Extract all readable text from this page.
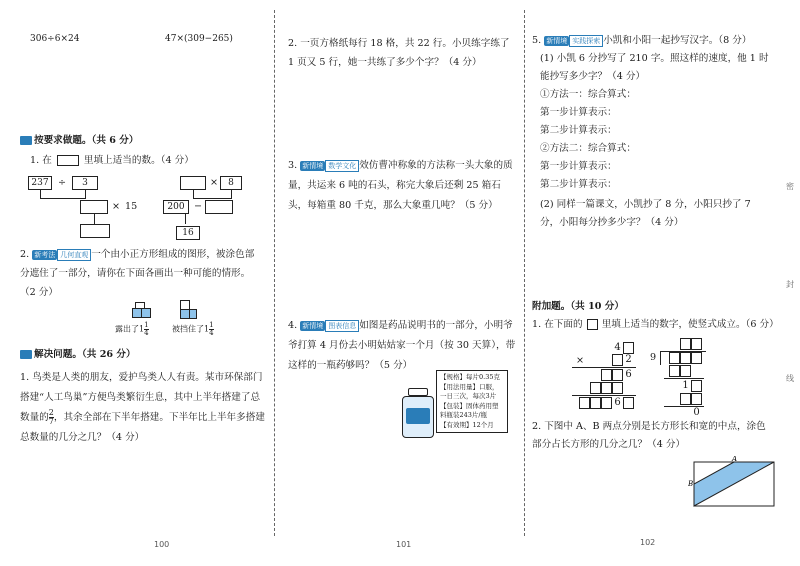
密
封
线
306÷6×24	47×(309−265)
按要求做题。（共 6 分）
1. 在	里填上适当的数。（4 分）
237 ÷	3
× 15
×	8
200 −
16
2. 新考法 几何直观 一个由小正方形组成的图形，被涂色部分遮住了一部分，请你在下面各画出一种可能的情形。（2 分）
露出了$1 \frac{1}{4}$	被挡住了$1 \frac{1}{4}$
解决问题。（共 26 分）
1. 鸟类是人类的朋友，爱护鸟类人人有责。某市环保部门搭建“人工鸟巢”方便鸟类繁衍生息，其中上半年搭建了总数量的 $\frac{2}{7}$ ，其余全部在下半年搭建。下半年比上半年多搭建总数量的几分之几？（4 分）
100
2. 一页方格纸每行 18 格，共 22 行。小贝练字练了 1 页又 5 行，她一共练了多少个字？（4 分）
3. 新情境 数学文化 效仿曹冲称象的方法称一头大象的质量，共运来 6 吨的石头，称完大象后还剩 25 箱石头，每箱重 80 千克，那么大象重几吨？（5 分）
4. 新情境 图表信息 如图是药品说明书的一部分，小明爷爷打算 4 月份去小明姑姑家一个月（按 30 天算），带这样的一瓶药够吗？（5 分）
【规格】每片0.35克
【用法用量】口服，
一日三次，每次3片
【包装】固体药用塑
料瓶装243片/瓶
【有效期】12个月
101
5. 新情境 实践探索 小凯和小阳一起抄写汉字。（8 分）
(1) 小凯 6 分抄写了 210 字。照这样的速度，他 1 时能抄写多少字？（4 分）
①方法一：综合算式：
第一步计算表示：
第二步计算表示：
②方法二：综合算式：
第一步计算表示：
第二步计算表示：
(2) 同样一篇课文，小凯抄了 8 分，小阳只抄了 7 分，小阳每分抄多少字？（4 分）
附加题。（共 10 分）
1. 在下面的 里填上适当的数字，使竖式成立。（6 分）
4
×	2
6
6
9
1
0
2. 下图中 A、B 两点分别是长方形长和宽的中点，涂色部分占长方形的几分之几？（4 分）
A
B
102
